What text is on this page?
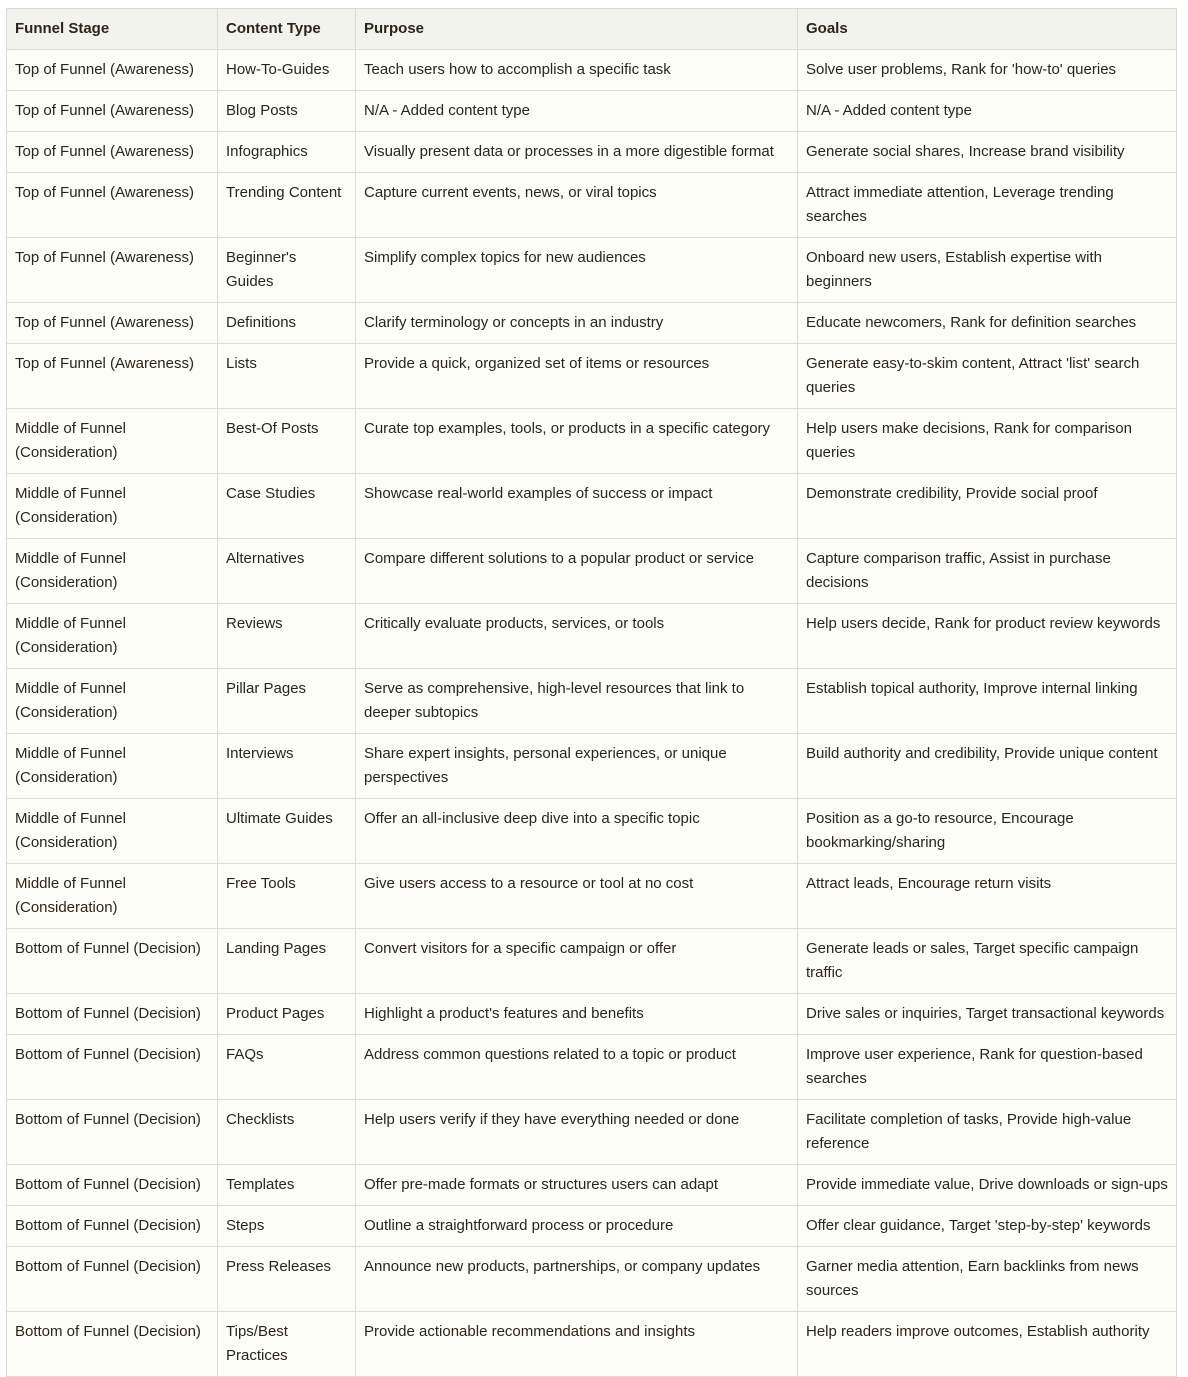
Funnel Stage	Content Type	Purpose	Goals
Top of Funnel (Awareness)	How-To-Guides	Teach users how to accomplish a specific task	Solve user problems, Rank for 'how-to' queries
Top of Funnel (Awareness)	Blog Posts	N/A - Added content type	N/A - Added content type
Top of Funnel (Awareness)	Infographics	Visually present data or processes in a more digestible format	Generate social shares, Increase brand visibility
Top of Funnel (Awareness)	Trending Content	Capture current events, news, or viral topics	Attract immediate attention, Leverage trending searches
Top of Funnel (Awareness)	Beginner's Guides	Simplify complex topics for new audiences	Onboard new users, Establish expertise with beginners
Top of Funnel (Awareness)	Definitions	Clarify terminology or concepts in an industry	Educate newcomers, Rank for definition searches
Top of Funnel (Awareness)	Lists	Provide a quick, organized set of items or resources	Generate easy-to-skim content, Attract 'list' search queries
Middle of Funnel (Consideration)	Best-Of Posts	Curate top examples, tools, or products in a specific category	Help users make decisions, Rank for comparison queries
Middle of Funnel (Consideration)	Case Studies	Showcase real-world examples of success or impact	Demonstrate credibility, Provide social proof
Middle of Funnel (Consideration)	Alternatives	Compare different solutions to a popular product or service	Capture comparison traffic, Assist in purchase decisions
Middle of Funnel (Consideration)	Reviews	Critically evaluate products, services, or tools	Help users decide, Rank for product review keywords
Middle of Funnel (Consideration)	Pillar Pages	Serve as comprehensive, high-level resources that link to deeper subtopics	Establish topical authority, Improve internal linking
Middle of Funnel (Consideration)	Interviews	Share expert insights, personal experiences, or unique perspectives	Build authority and credibility, Provide unique content
Middle of Funnel (Consideration)	Ultimate Guides	Offer an all-inclusive deep dive into a specific topic	Position as a go-to resource, Encourage bookmarking/sharing
Middle of Funnel (Consideration)	Free Tools	Give users access to a resource or tool at no cost	Attract leads, Encourage return visits
Bottom of Funnel (Decision)	Landing Pages	Convert visitors for a specific campaign or offer	Generate leads or sales, Target specific campaign traffic
Bottom of Funnel (Decision)	Product Pages	Highlight a product's features and benefits	Drive sales or inquiries, Target transactional keywords
Bottom of Funnel (Decision)	FAQs	Address common questions related to a topic or product	Improve user experience, Rank for question-based searches
Bottom of Funnel (Decision)	Checklists	Help users verify if they have everything needed or done	Facilitate completion of tasks, Provide high-value reference
Bottom of Funnel (Decision)	Templates	Offer pre-made formats or structures users can adapt	Provide immediate value, Drive downloads or sign-ups
Bottom of Funnel (Decision)	Steps	Outline a straightforward process or procedure	Offer clear guidance, Target 'step-by-step' keywords
Bottom of Funnel (Decision)	Press Releases	Announce new products, partnerships, or company updates	Garner media attention, Earn backlinks from news sources
Bottom of Funnel (Decision)	Tips/Best Practices	Provide actionable recommendations and insights	Help readers improve outcomes, Establish authority
